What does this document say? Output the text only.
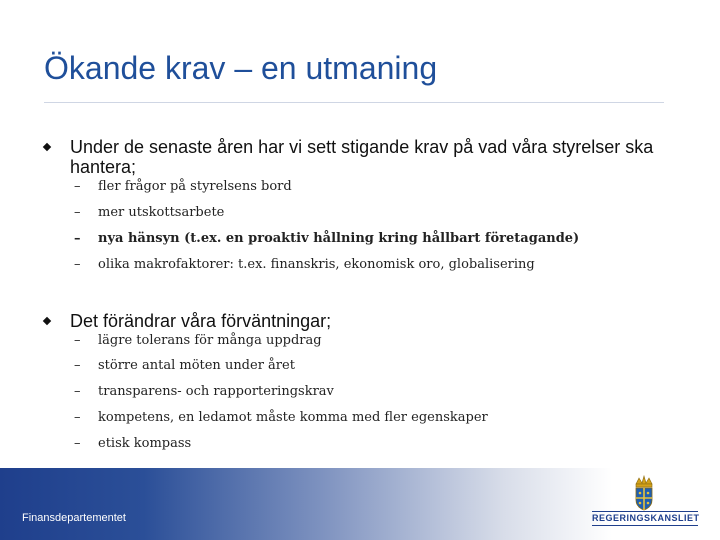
Ökande krav – en utmaning
Under de senaste åren har vi sett stigande krav på vad våra styrelser ska hantera;
– fler frågor på styrelsens bord
– mer utskottsarbete
– nya hänsyn (t.ex. en proaktiv hållning kring hållbart företagande)
– olika makrofaktorer: t.ex. finanskris, ekonomisk oro, globalisering
Det förändrar våra förväntningar;
– lägre tolerans för många uppdrag
– större antal möten under året
– transparens- och rapporteringskrav
– kompetens, en ledamot måste komma med fler egenskaper
– etisk kompass
Finansdepartementet	REGERINGSKANSLIET
